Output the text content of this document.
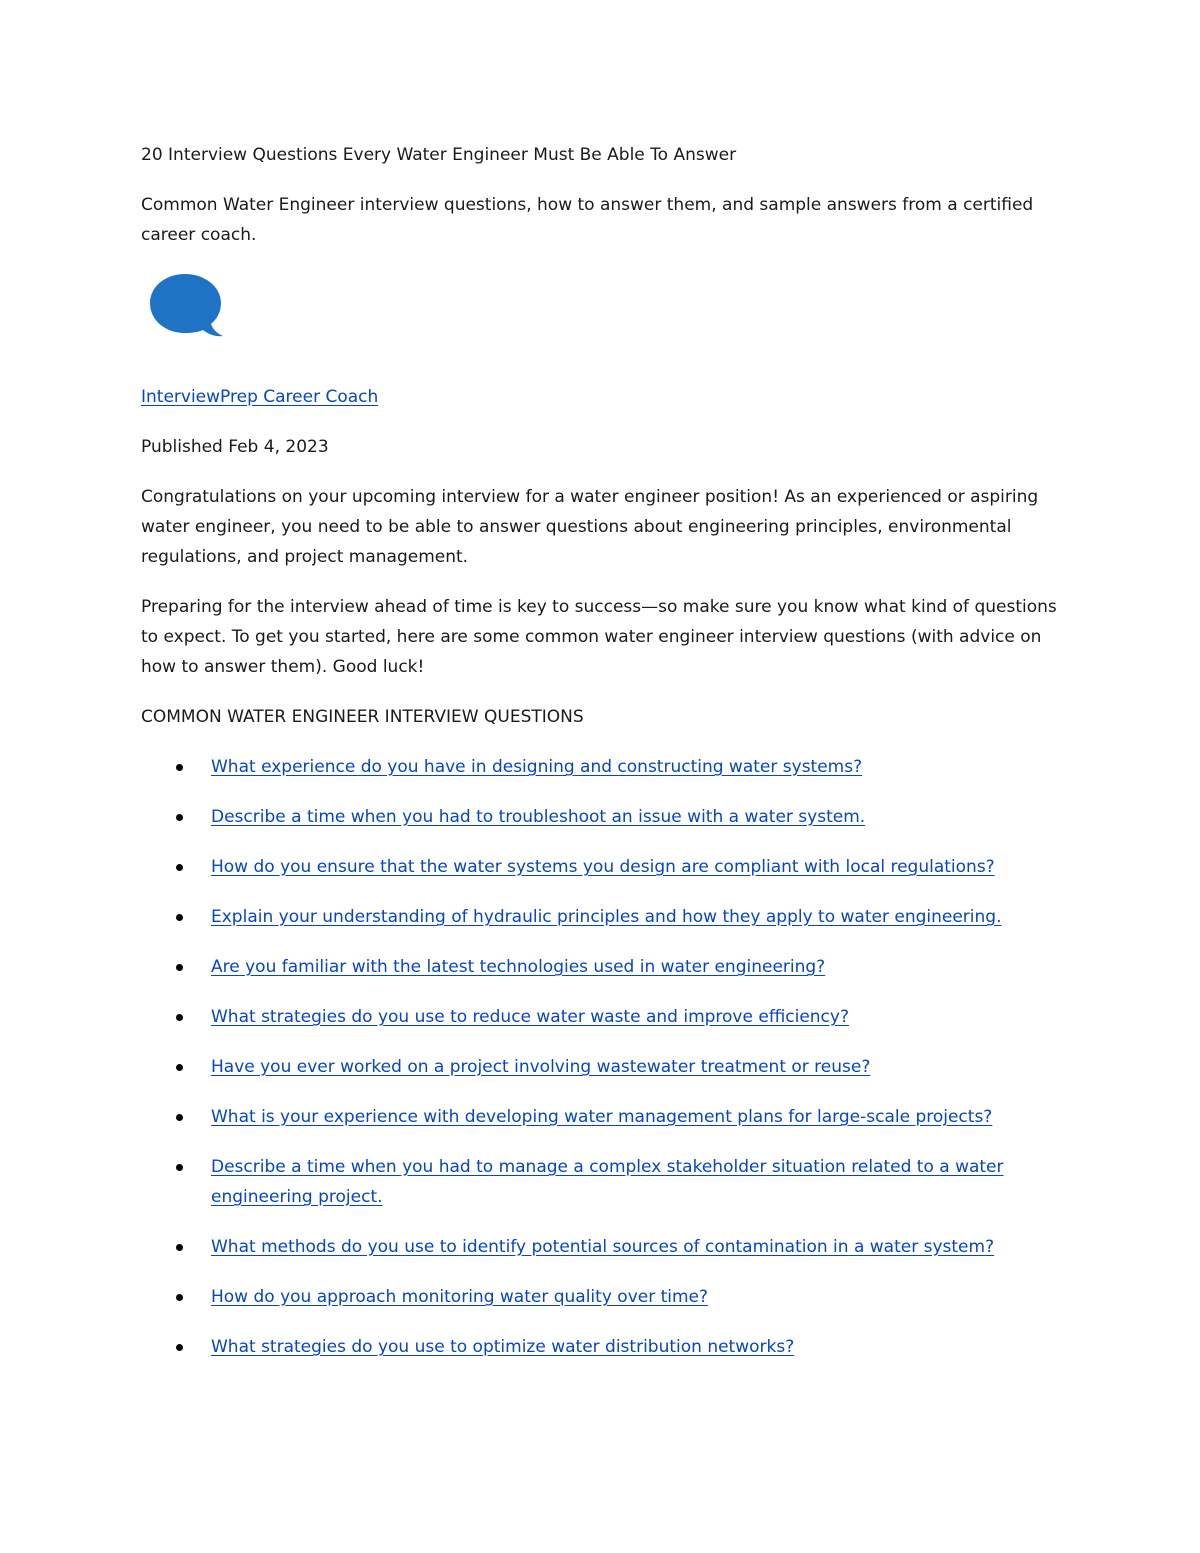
20 Interview Questions Every Water Engineer Must Be Able To Answer
Common Water Engineer interview questions, how to answer them, and sample answers from a certified career coach.
InterviewPrep Career Coach
Published Feb 4, 2023
Congratulations on your upcoming interview for a water engineer position! As an experienced or aspiring water engineer, you need to be able to answer questions about engineering principles, environmental regulations, and project management.
Preparing for the interview ahead of time is key to success—so make sure you know what kind of questions to expect. To get you started, here are some common water engineer interview questions (with advice on how to answer them). Good luck!
COMMON WATER ENGINEER INTERVIEW QUESTIONS
What experience do you have in designing and constructing water systems?
Describe a time when you had to troubleshoot an issue with a water system.
How do you ensure that the water systems you design are compliant with local regulations?
Explain your understanding of hydraulic principles and how they apply to water engineering.
Are you familiar with the latest technologies used in water engineering?
What strategies do you use to reduce water waste and improve efficiency?
Have you ever worked on a project involving wastewater treatment or reuse?
What is your experience with developing water management plans for large-scale projects?
Describe a time when you had to manage a complex stakeholder situation related to a water engineering project.
What methods do you use to identify potential sources of contamination in a water system?
How do you approach monitoring water quality over time?
What strategies do you use to optimize water distribution networks?
